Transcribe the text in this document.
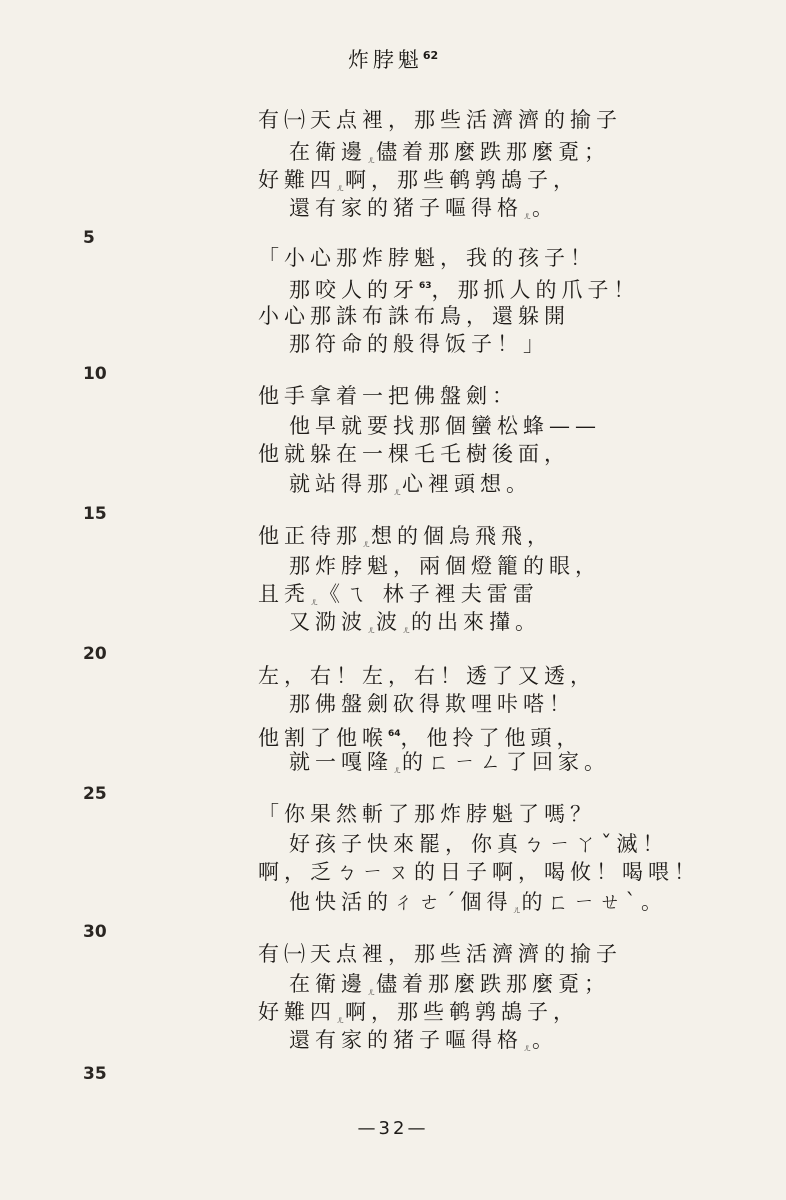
炸脖魁$^{62}$
有㈠天点裡，那些活濟濟的揄子
在衛邊ㄦ儘着那麼跌那麼覔；
好難四ㄦ啊，那些鹌鹑鴣子，
還有家的猪子嘔得格ㄦ。
5
「小心那炸脖魁，我的孩子！
那咬人的牙$^{63}$，那抓人的爪子！
小心那誅布誅布鳥，還躲開
那符命的般得饭子！」
10
他手拿着一把佛盤劍：
他早就要找那個蠻松蜂——
他就躲在一棵乇乇樹後面，
就站得那ㄦ心裡頭想。
15
他正待那ㄦ想的個烏飛飛，
那炸脖魁，兩個燈籠的眼，
且秃ㄦ《ㄟ 林子裡夫雷雷
又泐波ㄦ波ㄦ的出來攆。
20
左，右！左，右！透了又透，
那佛盤劍砍得欺哩咔嗒！
他割了他喉$^{64}$，他拎了他頭，
就一嘎隆ㄦ的ㄈㄧㄥ了回家。
25
「你果然斬了那炸脖魁了嗎？
好孩子快來罷，你真ㄅㄧㄚˇ滅！
啊，乏ㄅㄧㄡ的日子啊，喝攸！喝喂！
他快活的ㄔㄜˊ個得ㄦ的ㄈㄧㄝˋ。
30
有㈠天点裡，那些活濟濟的揄子
在衛邊ㄦ儘着那麼跌那麼覔；
好難四ㄦ啊，那些鹌鹑鴣子，
還有家的猪子嘔得格ㄦ。
35
—32—
